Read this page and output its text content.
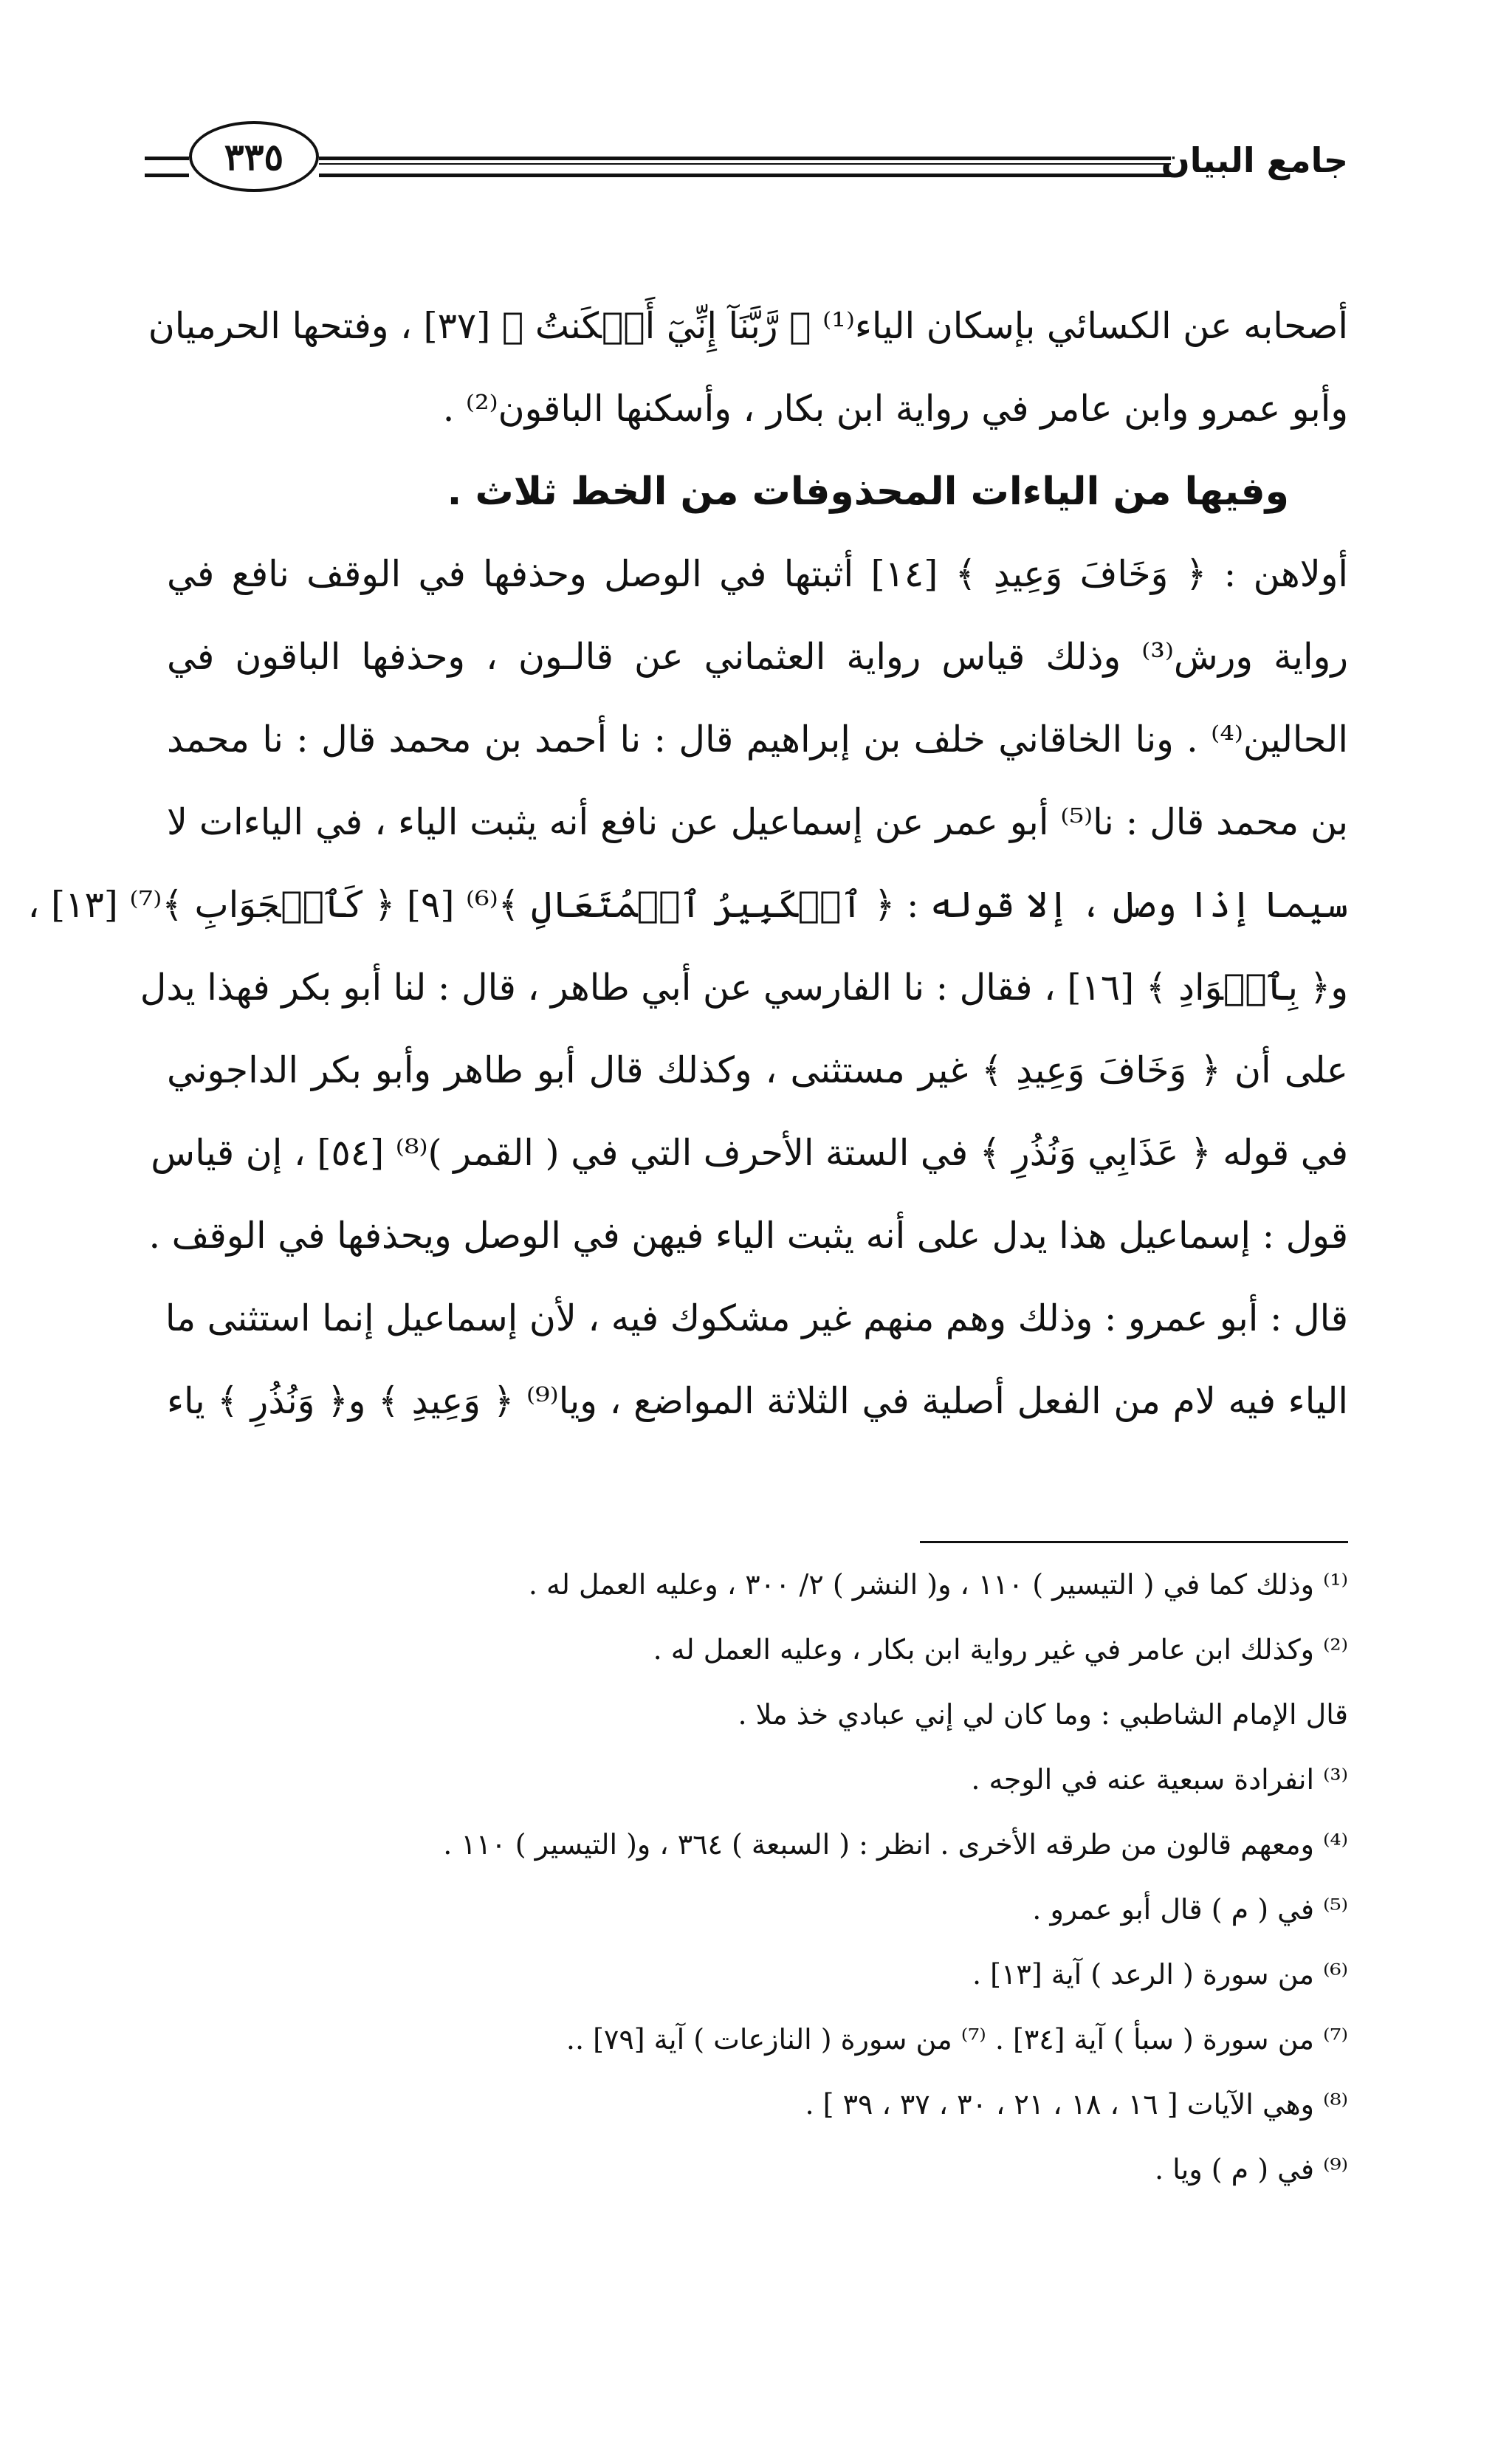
جامع البيان
٣٣٥
أصحابه عن الكسائي بإسكان الياء⁽¹⁾ ﴿ رَّبَّنَآ إِنِّيٓ أَسۡكَنتُ ﴾ [٣٧] ، وفتحها الحرميان
وأبو عمرو وابن عامر في رواية ابن بكار ، وأسكنها الباقون⁽²⁾ .
وفيها من الياءات المحذوفات من الخط ثلاث .
أولاهن : ﴿ وَخَافَ وَعِيدِ ﴾ [١٤] أثبتها في الوصل وحذفها في الوقف نافع في
رواية ورش⁽³⁾ وذلك قياس رواية العثماني عن قالـون ، وحذفها الباقون في
الحالين⁽⁴⁾ . ونا الخاقاني خلف بن إبراهيم قال : نا أحمد بن محمد قال : نا محمد
بن محمد قال : نا⁽⁵⁾ أبو عمر عن إسماعيل عن نافع أنه يثبت الياء ، في الياءات لا
سيما إذا وصل ، إلا قوله : ﴿ ٱلۡكَبِيرُ ٱلۡمُتَعَالِ ﴾⁽⁶⁾ [٩] ﴿ كَٱلۡجَوَابِ ﴾⁽⁷⁾ [١٣] ،
و﴿ بِٱلۡوَادِ ﴾ [١٦] ، فقال : نا الفارسي عن أبي طاهر ، قال : لنا أبو بكر فهذا يدل
على أن ﴿ وَخَافَ وَعِيدِ ﴾ غير مستثنى ، وكذلك قال أبو طاهر وأبو بكر الداجوني
في قوله ﴿ عَذَابِي وَنُذُرِ ﴾ في الستة الأحرف التي في ( القمر )⁽⁸⁾ [٥٤] ، إن قياس
قول : إسماعيل هذا يدل على أنه يثبت الياء فيهن في الوصل ويحذفها في الوقف .
قال : أبو عمرو : وذلك وهم منهم غير مشكوك فيه ، لأن إسماعيل إنما استثنى ما
الياء فيه لام من الفعل أصلية في الثلاثة المواضع ، ويا⁽⁹⁾ ﴿ وَعِيدِ ﴾ و﴿ وَنُذُرِ ﴾ ياء
⁽¹⁾ وذلك كما في ( التيسير ) ١١٠ ، و( النشر ) ٢/ ٣٠٠ ، وعليه العمل له .
⁽²⁾ وكذلك ابن عامر في غير رواية ابن بكار ، وعليه العمل له .
قال الإمام الشاطبي : وما كان لي إني عبادي خذ ملا .
⁽³⁾ انفرادة سبعية عنه في الوجه .
⁽⁴⁾ ومعهم قالون من طرقه الأخرى . انظر : ( السبعة ) ٣٦٤ ، و( التيسير ) ١١٠ .
⁽⁵⁾ في ( م ) قال أبو عمرو .
⁽⁶⁾ من سورة ( الرعد ) آية [١٣] .
⁽⁷⁾ من سورة ( سبأ ) آية [٣٤] . ⁽⁷⁾ من سورة ( النازعات ) آية [٧٩] ..
⁽⁸⁾ وهي الآيات [ ١٦ ، ١٨ ، ٢١ ، ٣٠ ، ٣٧ ، ٣٩ ] .
⁽⁹⁾ في ( م ) ويا .
